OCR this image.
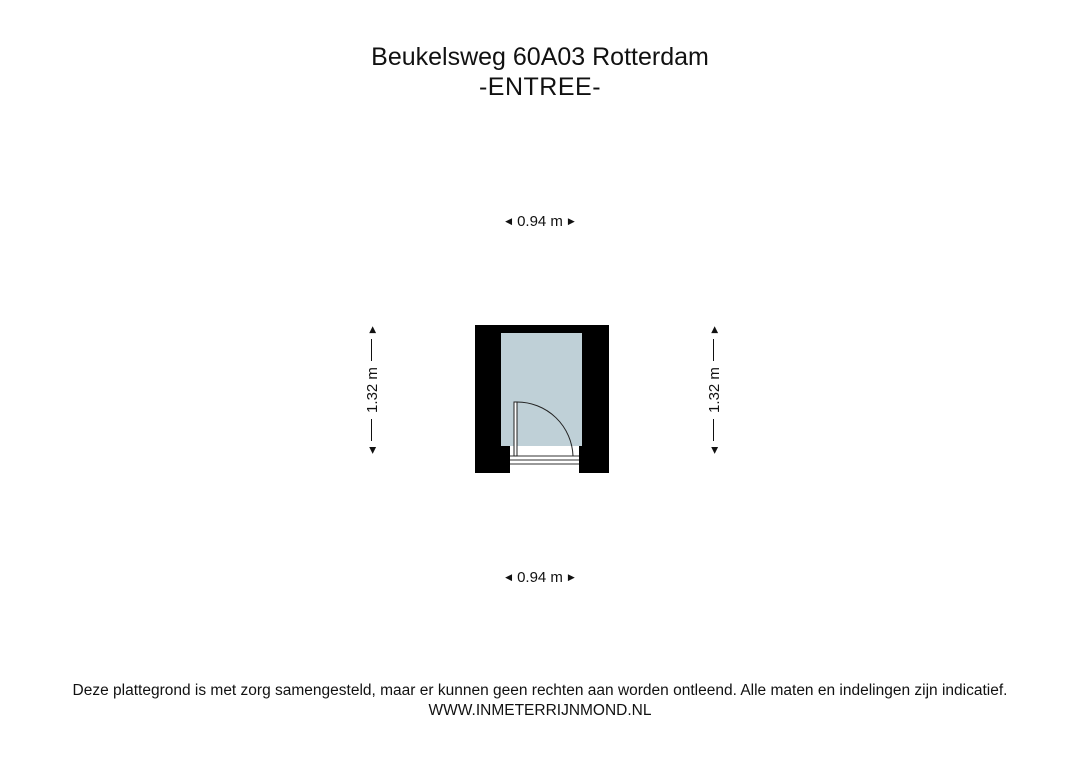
Beukelsweg 60A03 Rotterdam
-ENTREE-
◀ 0.94 m ▶
◀1.32 m▶
◀1.32 m▶
◀ 0.94 m ▶
Deze plattegrond is met zorg samengesteld, maar er kunnen geen rechten aan worden ontleend. Alle maten en indelingen zijn indicatief.
WWW.INMETERRIJNMOND.NL
